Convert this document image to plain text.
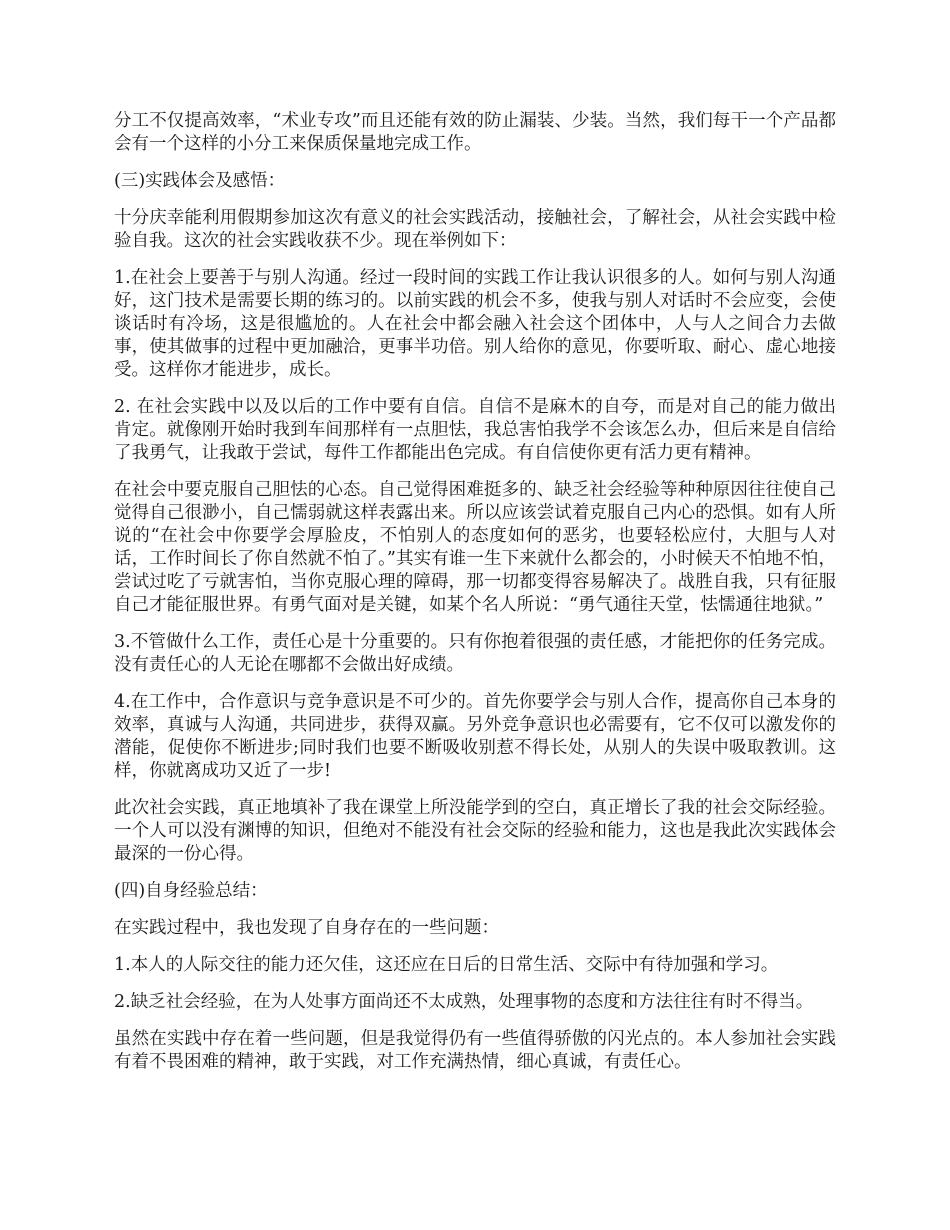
分工不仅提高效率，“术业专攻”而且还能有效的防止漏装、少装。当然，我们每干一个产品都会有一个这样的小分工来保质保量地完成工作。

(三)实践体会及感悟：

十分庆幸能利用假期参加这次有意义的社会实践活动，接触社会，了解社会，从社会实践中检验自我。这次的社会实践收获不少。现在举例如下：

1.在社会上要善于与别人沟通。经过一段时间的实践工作让我认识很多的人。如何与别人沟通好，这门技术是需要长期的练习的。以前实践的机会不多，使我与别人对话时不会应变，会使谈话时有冷场，这是很尴尬的。人在社会中都会融入社会这个团体中，人与人之间合力去做事，使其做事的过程中更加融洽，更事半功倍。别人给你的意见，你要听取、耐心、虚心地接受。这样你才能进步，成长。

2. 在社会实践中以及以后的工作中要有自信。自信不是麻木的自夸，而是对自己的能力做出肯定。就像刚开始时我到车间那样有一点胆怯，我总害怕我学不会该怎么办，但后来是自信给了我勇气，让我敢于尝试，每件工作都能出色完成。有自信使你更有活力更有精神。

在社会中要克服自己胆怯的心态。自己觉得困难挺多的、缺乏社会经验等种种原因往往使自己觉得自己很渺小，自己懦弱就这样表露出来。所以应该尝试着克服自己内心的恐惧。如有人所说的“在社会中你要学会厚脸皮，不怕别人的态度如何的恶劣，也要轻松应付，大胆与人对话，工作时间长了你自然就不怕了。”其实有谁一生下来就什么都会的，小时候天不怕地不怕，尝试过吃了亏就害怕，当你克服心理的障碍，那一切都变得容易解决了。战胜自我，只有征服自己才能征服世界。有勇气面对是关键，如某个名人所说：“勇气通往天堂，怯懦通往地狱。”

3.不管做什么工作，责任心是十分重要的。只有你抱着很强的责任感，才能把你的任务完成。没有责任心的人无论在哪都不会做出好成绩。

4.在工作中，合作意识与竞争意识是不可少的。首先你要学会与别人合作，提高你自己本身的效率，真诚与人沟通，共同进步，获得双赢。另外竞争意识也必需要有，它不仅可以激发你的潜能，促使你不断进步;同时我们也要不断吸收别惹不得长处，从别人的失误中吸取教训。这样，你就离成功又近了一步!

此次社会实践，真正地填补了我在课堂上所没能学到的空白，真正增长了我的社会交际经验。一个人可以没有渊博的知识，但绝对不能没有社会交际的经验和能力，这也是我此次实践体会最深的一份心得。

(四)自身经验总结：

在实践过程中，我也发现了自身存在的一些问题：

1.本人的人际交往的能力还欠佳，这还应在日后的日常生活、交际中有待加强和学习。

2.缺乏社会经验，在为人处事方面尚还不太成熟，处理事物的态度和方法往往有时不得当。

虽然在实践中存在着一些问题，但是我觉得仍有一些值得骄傲的闪光点的。本人参加社会实践有着不畏困难的精神，敢于实践，对工作充满热情，细心真诚，有责任心。
